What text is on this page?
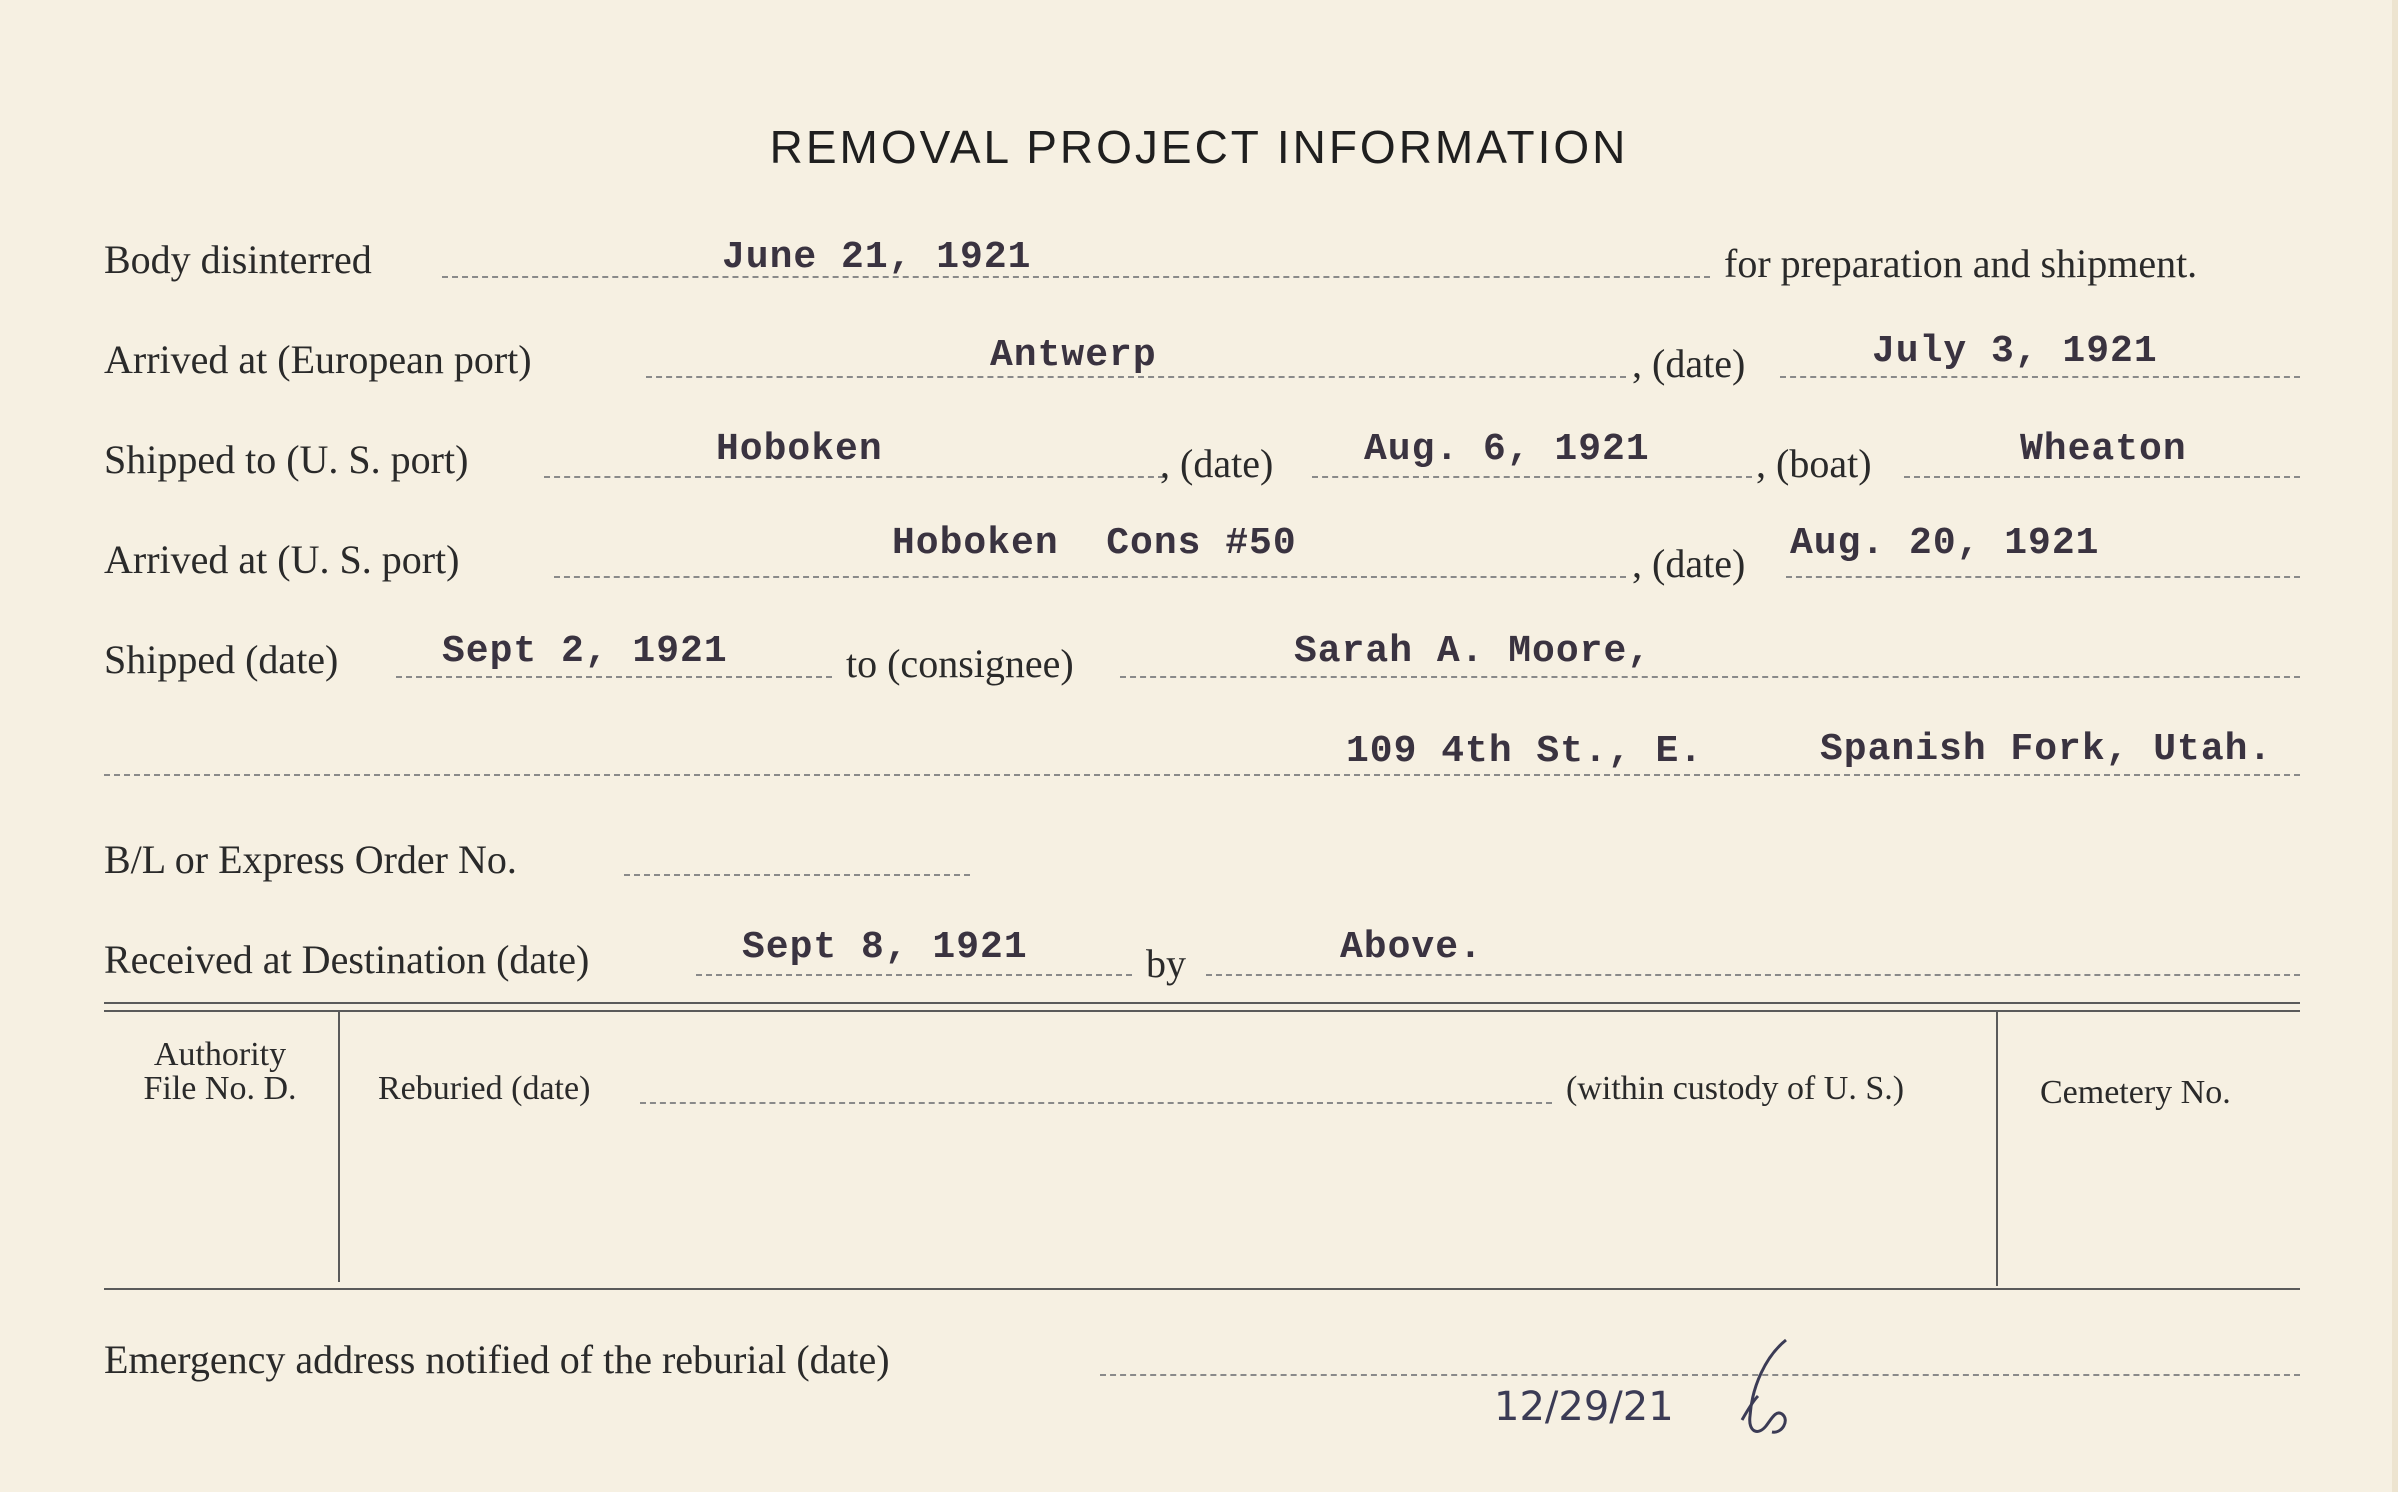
REMOVAL PROJECT INFORMATION
Body disinterred	June 21, 1921	for preparation and shipment.
Arrived at (European port)	Antwerp	, (date)	July 3, 1921
Shipped to (U. S. port)	Hoboken	, (date) Aug. 6, 1921	, (boat)	Wheaton
Arrived at (U. S. port)	Hoboken  Cons #50	, (date) Aug. 20, 1921
Shipped (date)	Sept 2, 1921	to (consignee)	Sarah A. Moore,
109 4th St., E.	Spanish Fork, Utah.
B/L or Express Order No.
Received at Destination (date)	Sept 8, 1921	by	Above.
Authority
File No. D.	Reburied (date)	(within custody of U. S.)	Cemetery No.
Emergency address notified of the reburial (date)
12/29/21
